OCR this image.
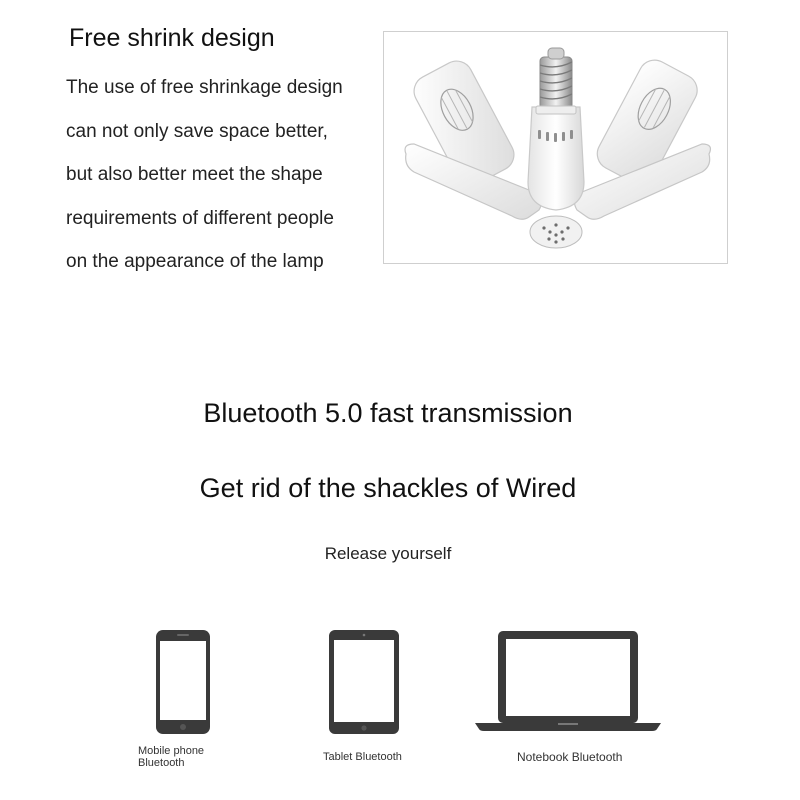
Free shrink design
The use of free shrinkage design
can not only save space better,
but also better meet the shape
requirements of different people
on the appearance of the lamp
Bluetooth 5.0 fast transmission
Get rid of the shackles of Wired
Release yourself
Mobile phone
Bluetooth	Tablet Bluetooth	Notebook Bluetooth
